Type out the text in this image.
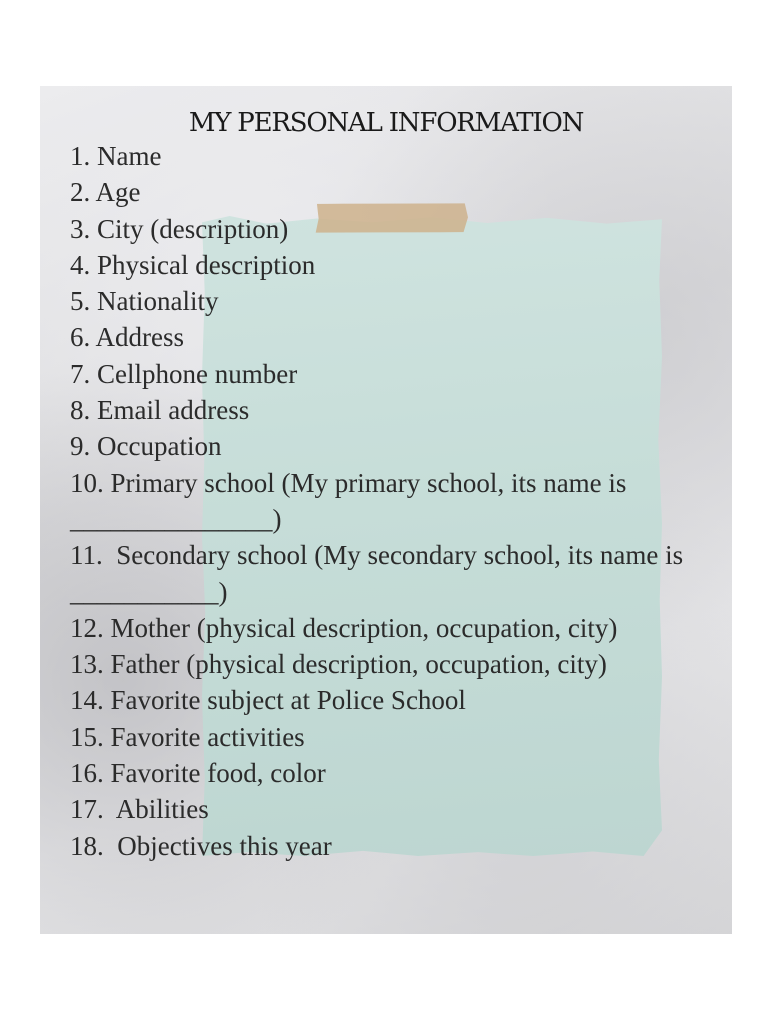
MY PERSONAL INFORMATION
1. Name
2. Age
3. City (description)
4. Physical description
5. Nationality
6. Address
7. Cellphone number
8. Email address
9. Occupation
10. Primary school (My primary school, its name is _______________)
11.  Secondary school (My secondary school, its name is ___________)
12. Mother (physical description, occupation, city)
13. Father (physical description, occupation, city)
14. Favorite subject at Police School
15. Favorite activities
16. Favorite food, color
17.  Abilities
18.  Objectives this year
